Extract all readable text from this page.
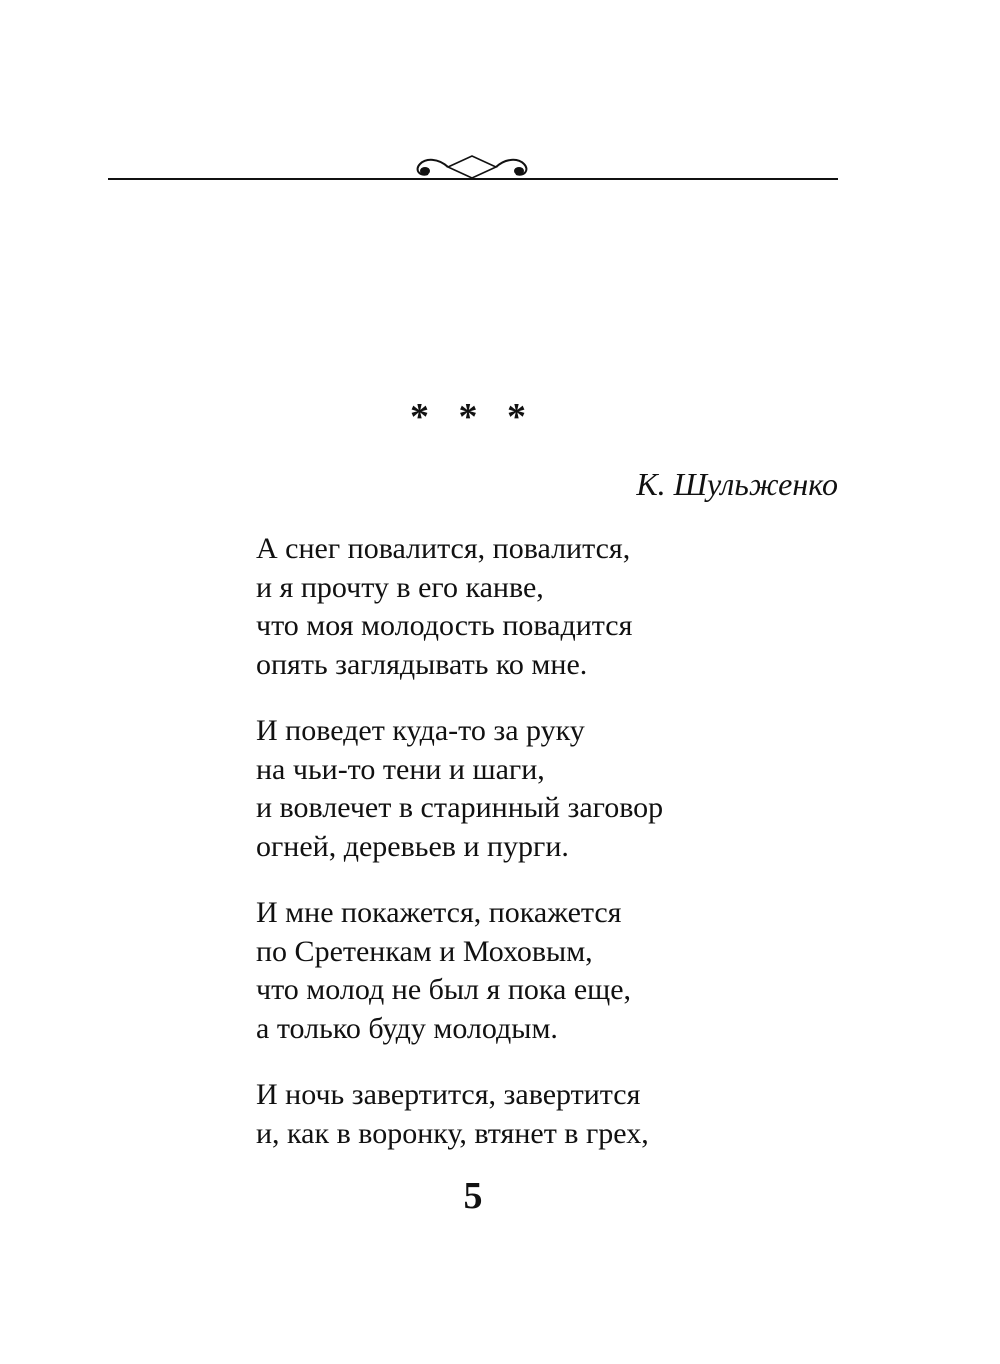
* * *
К. Шульженко
А снег повалится, повалится,
и я прочту в его канве,
что моя молодость повадится
опять заглядывать ко мне.
И поведет куда-то за руку
на чьи-то тени и шаги,
и вовлечет в старинный заговор
огней, деревьев и пурги.
И мне покажется, покажется
по Сретенкам и Моховым,
что молод не был я пока еще,
а только буду молодым.
И ночь завертится, завертится
и, как в воронку, втянет в грех,
5
